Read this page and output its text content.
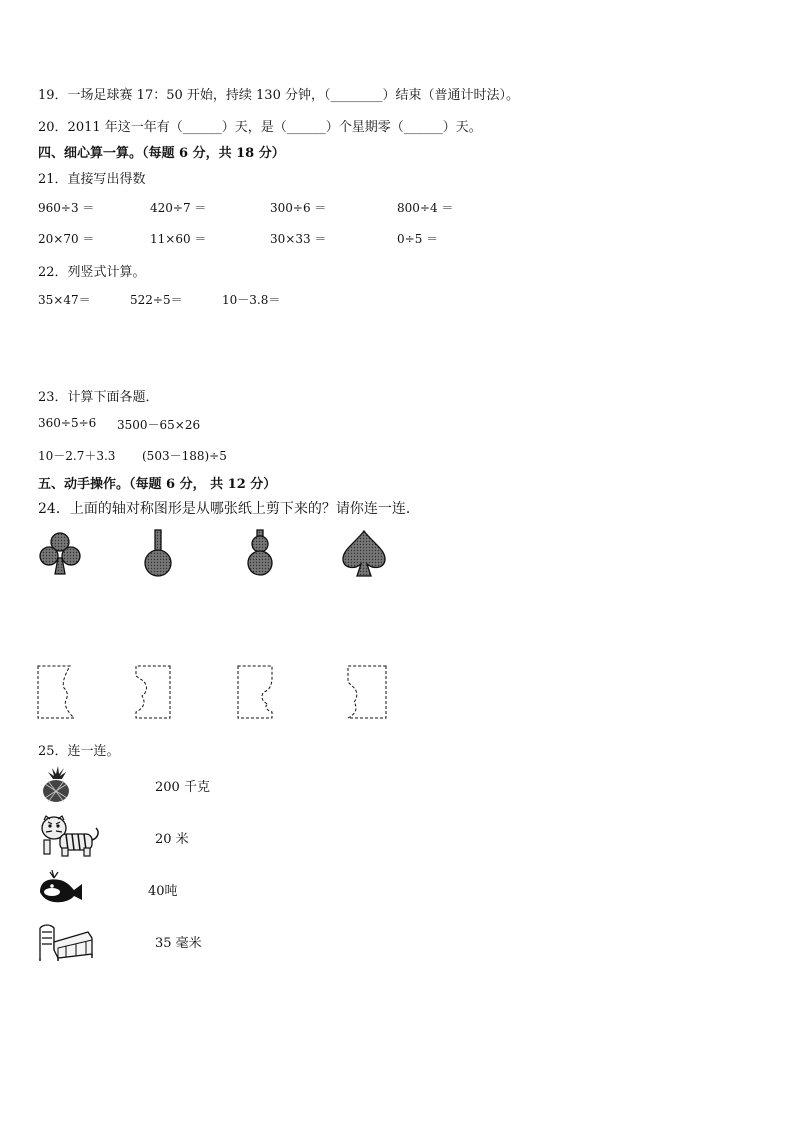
19．一场足球赛 17：50 开始，持续 130 分钟，（________）结束（普通计时法）。
20．2011 年这一年有（______）天，是（______）个星期零（______）天。
四、细心算一算。（每题 6 分，共 18 分）
21．直接写出得数
960÷3 ＝	420÷7 ＝	300÷6 ＝	800÷4 ＝
20×70 ＝	11×60 ＝	30×33 ＝	0÷5 ＝
22．列竖式计算。
35×47＝	522÷5＝	10－3.8＝
23．计算下面各题．
360÷5÷6 3500－65×26
10－2.7＋3.3 (503－188)÷5
五、动手操作。（每题 6 分， 共 12 分）
24．上面的轴对称图形是从哪张纸上剪下来的？请你连一连．
25．连一连。
200 千克
20 米
40吨
35 毫米
